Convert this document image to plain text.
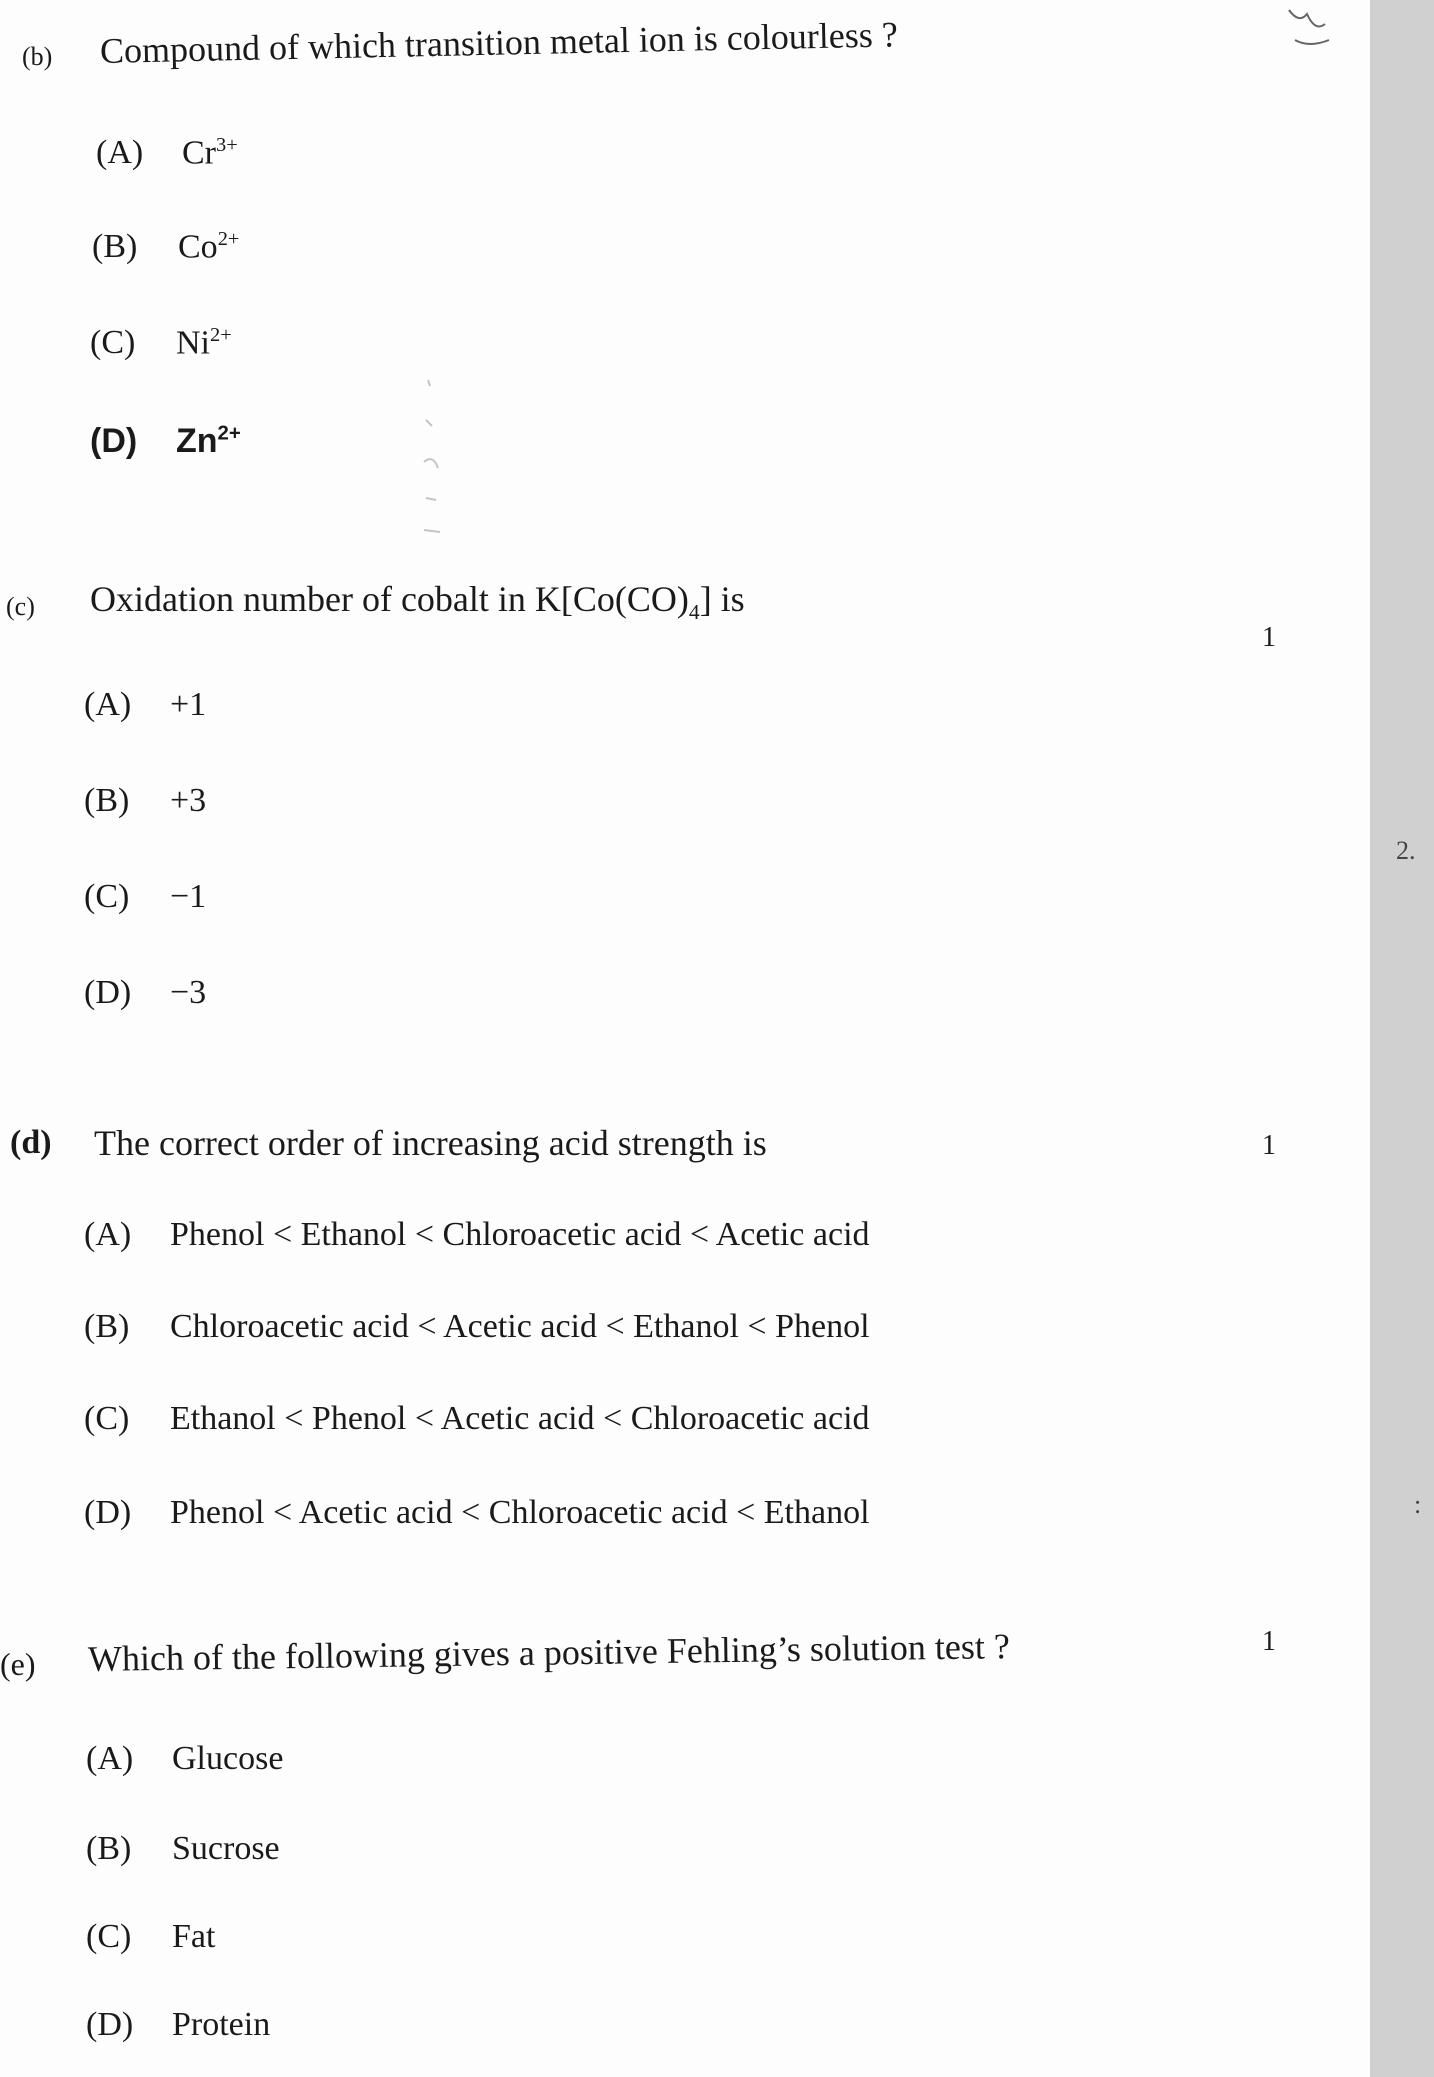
(b) Compound of which transition metal ion is colourless ?
(A) $Cr^{3+}$
(B) $Co^{2+}$
(C) $Ni^{2+}$
(D) $Zn^{2+}$
(c) Oxidation number of cobalt in $K[Co(CO)_4]$ is
1
(A) +1
(B) +3
(C) −1
(D) −3
(d) The correct order of increasing acid strength is	1
(A) Phenol < Ethanol < Chloroacetic acid < Acetic acid
(B) Chloroacetic acid < Acetic acid < Ethanol < Phenol
(C) Ethanol < Phenol < Acetic acid < Chloroacetic acid
(D) Phenol < Acetic acid < Chloroacetic acid < Ethanol
(e) Which of the following gives a positive Fehling’s solution test ?	1
(A) Glucose
(B) Sucrose
(C) Fat
(D) Protein
2.
:
